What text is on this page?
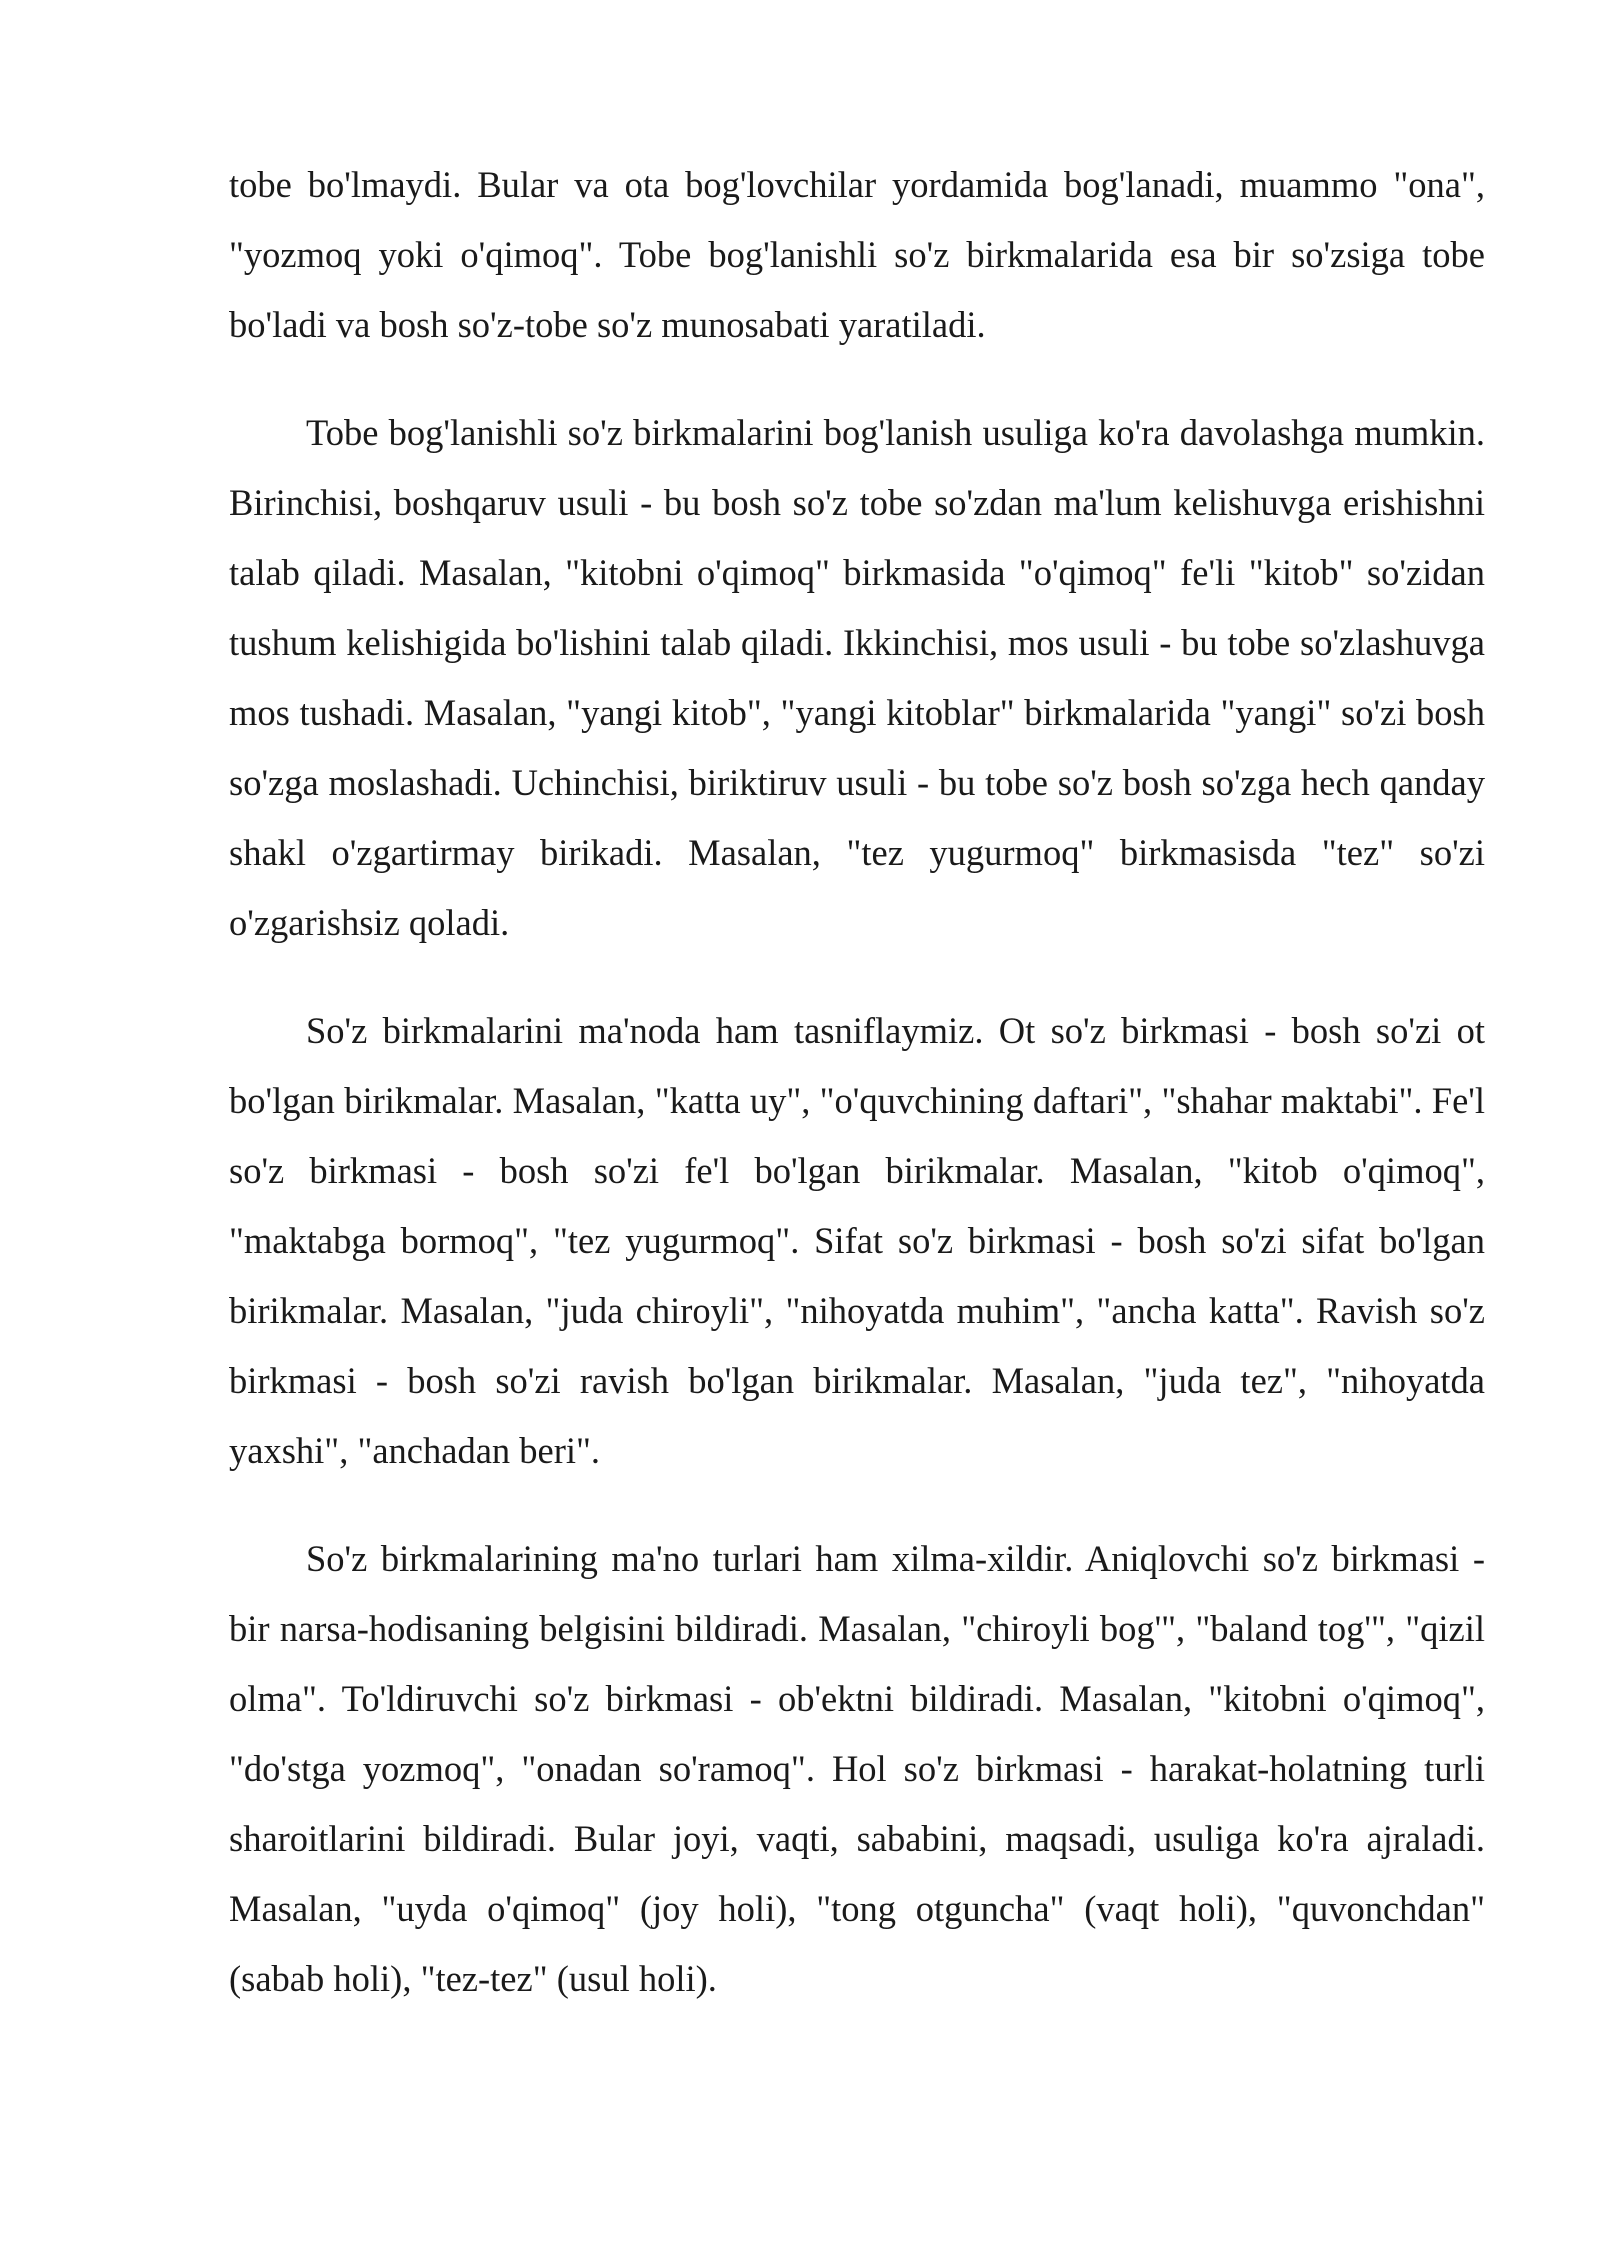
tobe bo'lmaydi. Bular va ota bog'lovchilar yordamida bog'lanadi, muammo "ona", "yozmoq yoki o'qimoq". Tobe bog'lanishli so'z birkmalarida esa bir so'zsiga tobe bo'ladi va bosh so'z-tobe so'z munosabati yaratiladi.

Tobe bog'lanishli so'z birkmalarini bog'lanish usuliga ko'ra davolashga mumkin. Birinchisi, boshqaruv usuli - bu bosh so'z tobe so'zdan ma'lum kelishuvga erishishni talab qiladi. Masalan, "kitobni o'qimoq" birkmasida "o'qimoq" fe'li "kitob" so'zidan tushum kelishigida bo'lishini talab qiladi. Ikkinchisi, mos usuli - bu tobe so'zlashuvga mos tushadi. Masalan, "yangi kitob", "yangi kitoblar" birkmalarida "yangi" so'zi bosh so'zga moslashadi. Uchinchisi, biriktiruv usuli - bu tobe so'z bosh so'zga hech qanday shakl o'zgartirmay birikadi. Masalan, "tez yugurmoq" birkmasisda "tez" so'zi o'zgarishsiz qoladi.

So'z birkmalarini ma'noda ham tasniflaymiz. Ot so'z birkmasi - bosh so'zi ot bo'lgan birikmalar. Masalan, "katta uy", "o'quvchining daftari", "shahar maktabi". Fe'l so'z birkmasi - bosh so'zi fe'l bo'lgan birikmalar. Masalan, "kitob o'qimoq", "maktabga bormoq", "tez yugurmoq". Sifat so'z birkmasi - bosh so'zi sifat bo'lgan birikmalar. Masalan, "juda chiroyli", "nihoyatda muhim", "ancha katta". Ravish so'z birkmasi - bosh so'zi ravish bo'lgan birikmalar. Masalan, "juda tez", "nihoyatda yaxshi", "anchadan beri".

So'z birkmalarining ma'no turlari ham xilma-xildir. Aniqlovchi so'z birkmasi - bir narsa-hodisaning belgisini bildiradi. Masalan, "chiroyli bog'", "baland tog'", "qizil olma". To'ldiruvchi so'z birkmasi - ob'ektni bildiradi. Masalan, "kitobni o'qimoq", "do'stga yozmoq", "onadan so'ramoq". Hol so'z birkmasi - harakat-holatning turli sharoitlarini bildiradi. Bular joyi, vaqti, sababini, maqsadi, usuliga ko'ra ajraladi. Masalan, "uyda o'qimoq" (joy holi), "tong otguncha" (vaqt holi), "quvonchdan" (sabab holi), "tez-tez" (usul holi).
